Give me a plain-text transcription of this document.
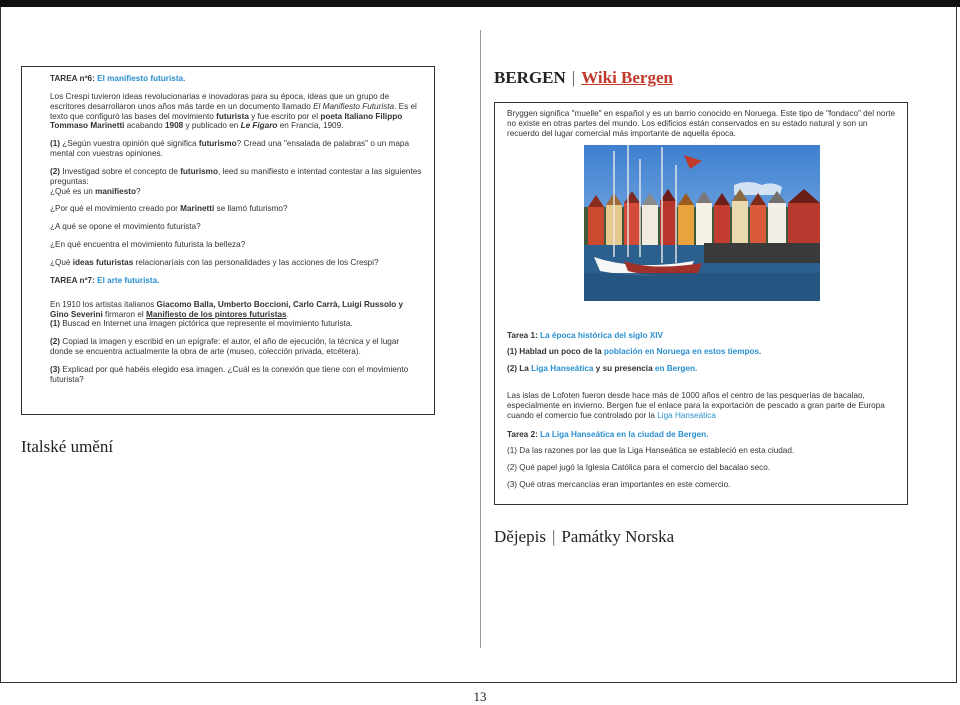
TAREA nº6: El manifiesto futurista.

Los Crespi tuvieron ideas revolucionarias e inovadoras para su época, ideas que un grupo de escritores desarrollaron unos años más tarde en un documento llamado El Manifiesto Futurista. Es el texto que configuró las bases del movimiento futurista y fue escrito por el poeta Italiano Filippo Tommaso Marinetti acabando 1908 y publicado en Le Figaro en Francia, 1909.

(1) ¿Según vuestra opinión qué significa futurismo? Cread una "ensalada de palabras" o un mapa mental con vuestras opiniones.

(2) Investigad sobre el concepto de futurismo, leed su manifiesto e intentad contestar a las siguientes preguntas:
¿Qué es un manifiesto?

¿Por qué el movimiento creado por Marinetti se llamó futurismo?

¿A qué se opone el movimiento futurista?

¿En qué encuentra el movimiento futurista la belleza?

¿Qué ideas futuristas relacionaríais con las personalidades y las acciones de los Crespi?

TAREA nº7: El arte futurista.

En 1910 los artistas italianos Giacomo Balla, Umberto Boccioni, Carlo Carrà, Luigi Russolo y Gino Severini firmaron el Manifiesto de los pintores futuristas.
(1) Buscad en Internet una imagen pictórica que represente el movimiento futurista.

(2) Copiad la imagen y escribid en un epígrafe: el autor, el año de ejecución, la técnica y el lugar donde se encuentra actualmente la obra de arte (museo, colección privada, etcétera).

(3) Explicad por qué habéis elegido esa imagen. ¿Cuál es la conexión que tiene con el movimiento futurista?

Italské umění
BERGEN | Wiki Bergen

Bryggen significa "muelle" en español y es un barrio conocido en Noruega. Este tipo de "fondaco" del norte no existe en otras partes del mundo. Los edificios están conservados en su estado natural y son un recuerdo del lugar comercial más importante de aquella época.

Tarea 1: La época histórica del siglo XIV

(1) Hablad un poco de la población en Noruega en estos tiempos.

(2) La Liga Hanseática y su presencia en Bergen.

Las islas de Lofoten fueron desde hace más de 1000 años el centro de las pesquerías de bacalao, especialmente en invierno. Bergen fue el enlace para la exportación de pescado a gran parte de Europa cuando el comercio fue controlado por la Liga Hanseática

Tarea 2: La Liga Hanseática en la ciudad de Bergen.

(1) Da las razones por las que la Liga Hanseática se estableció en esta ciudad.

(2) Qué papel jugó la Iglesia Católica para el comercio del bacalao seco.

(3) Qué otras mercancías eran importantes en este comercio.

Dějepis | Památky Norska
13
